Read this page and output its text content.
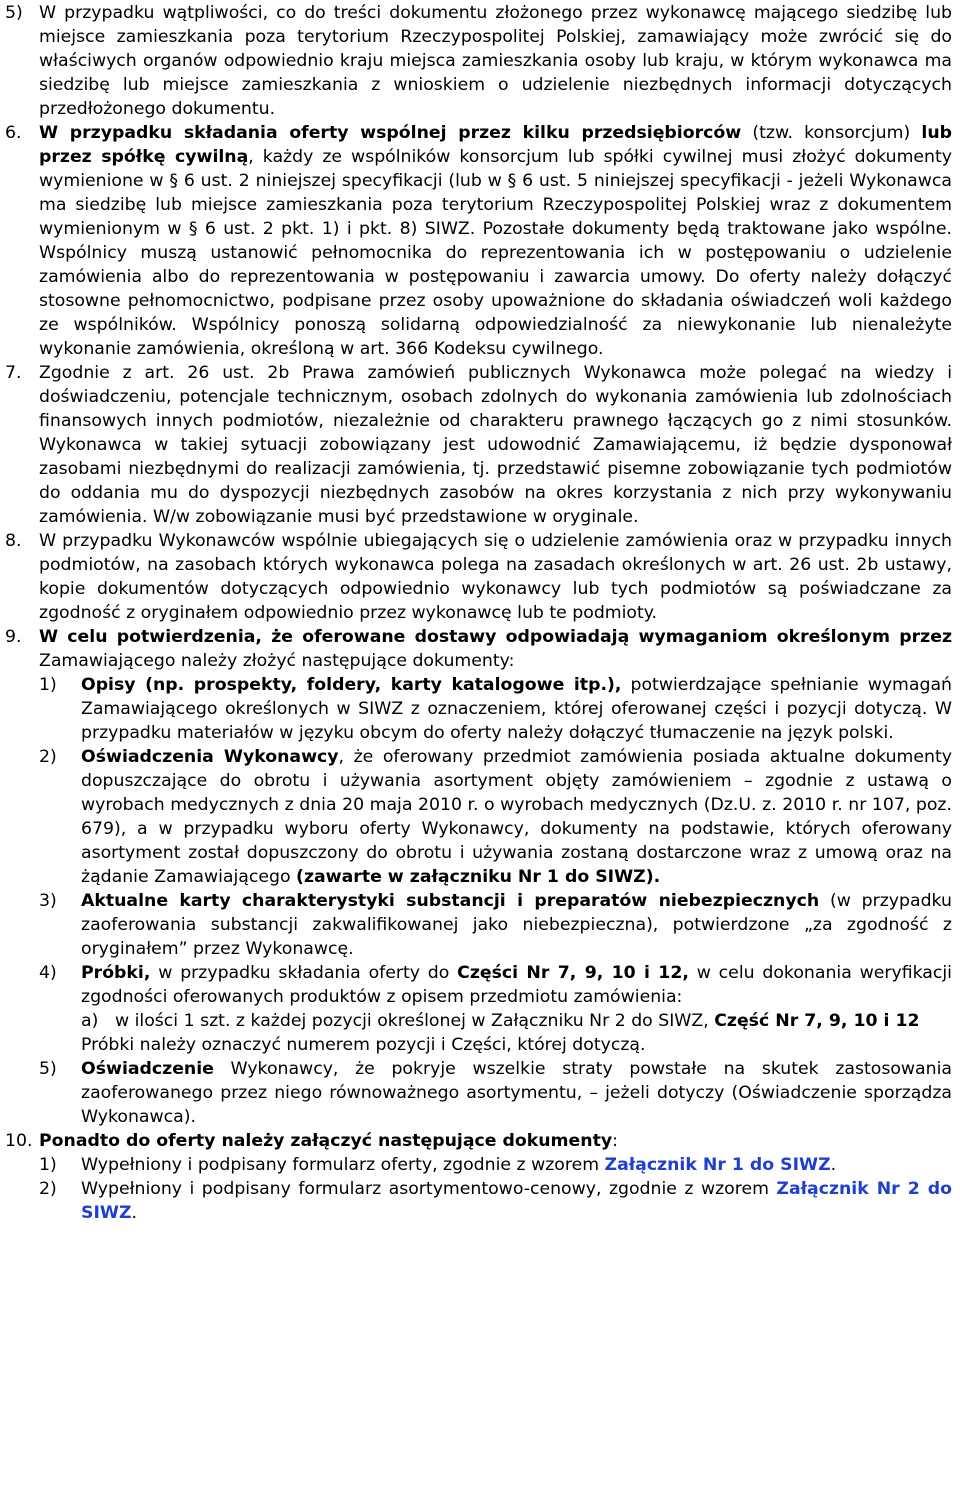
5) W przypadku wątpliwości, co do treści dokumentu złożonego przez wykonawcę mającego siedzibę lub miejsce zamieszkania poza terytorium Rzeczypospolitej Polskiej, zamawiający może zwrócić się do właściwych organów odpowiednio kraju miejsca zamieszkania osoby lub kraju, w którym wykonawca ma siedzibę lub miejsce zamieszkania z wnioskiem o udzielenie niezbędnych informacji dotyczących przedłożonego dokumentu.
6.	W przypadku składania oferty wspólnej przez kilku przedsiębiorców (tzw. konsorcjum) lub przez spółkę cywilną, każdy ze wspólników konsorcjum lub spółki cywilnej musi złożyć dokumenty wymienione w § 6 ust. 2 niniejszej specyfikacji (lub w § 6 ust. 5 niniejszej specyfikacji - jeżeli Wykonawca ma siedzibę lub miejsce zamieszkania poza terytorium Rzeczypospolitej Polskiej wraz z dokumentem wymienionym w § 6 ust. 2 pkt. 1) i pkt. 8) SIWZ. Pozostałe dokumenty będą traktowane jako wspólne. Wspólnicy muszą ustanowić pełnomocnika do reprezentowania ich w postępowaniu o udzielenie zamówienia albo do reprezentowania w postępowaniu i zawarcia umowy. Do oferty należy dołączyć stosowne pełnomocnictwo, podpisane przez osoby upoważnione do składania oświadczeń woli każdego ze wspólników. Wspólnicy ponoszą solidarną odpowiedzialność za niewykonanie lub nienależyte wykonanie zamówienia, określoną w art. 366 Kodeksu cywilnego.
7.	Zgodnie z art. 26 ust. 2b Prawa zamówień publicznych Wykonawca może polegać na wiedzy i doświadczeniu, potencjale technicznym, osobach zdolnych do wykonania zamówienia lub zdolnościach finansowych innych podmiotów, niezależnie od charakteru prawnego łączących go z nimi stosunków. Wykonawca w takiej sytuacji zobowiązany jest udowodnić Zamawiającemu, iż będzie dysponował zasobami niezbędnymi do realizacji zamówienia, tj. przedstawić pisemne zobowiązanie tych podmiotów do oddania mu do dyspozycji niezbędnych zasobów na okres korzystania z nich przy wykonywaniu zamówienia. W/w zobowiązanie musi być przedstawione w oryginale.
8.	W przypadku Wykonawców wspólnie ubiegających się o udzielenie zamówienia oraz w przypadku innych podmiotów, na zasobach których wykonawca polega na zasadach określonych w art. 26 ust. 2b ustawy, kopie dokumentów dotyczących odpowiednio wykonawcy lub tych podmiotów są poświadczane za zgodność z oryginałem odpowiednio przez wykonawcę lub te podmioty.
9.	W celu potwierdzenia, że oferowane dostawy odpowiadają wymaganiom określonym przez Zamawiającego należy złożyć następujące dokumenty:
1)	Opisy (np. prospekty, foldery, karty katalogowe itp.), potwierdzające spełnianie wymagań Zamawiającego określonych w SIWZ z oznaczeniem, której oferowanej części i pozycji dotyczą. W przypadku materiałów w języku obcym do oferty należy dołączyć tłumaczenie na język polski.
2)	Oświadczenia Wykonawcy, że oferowany przedmiot zamówienia posiada aktualne dokumenty dopuszczające do obrotu i używania asortyment objęty zamówieniem – zgodnie z ustawą o wyrobach medycznych z dnia 20 maja 2010 r. o wyrobach medycznych (Dz.U. z. 2010 r. nr 107, poz. 679), a w przypadku wyboru oferty Wykonawcy, dokumenty na podstawie, których oferowany asortyment został dopuszczony do obrotu i używania zostaną dostarczone wraz z umową oraz na żądanie Zamawiającego (zawarte w załączniku Nr 1 do SIWZ).
3)	Aktualne karty charakterystyki substancji i preparatów niebezpiecznych (w przypadku zaoferowania substancji zakwalifikowanej jako niebezpieczna), potwierdzone „za zgodność z oryginałem” przez Wykonawcę.
4)	Próbki, w przypadku składania oferty do Części Nr 7, 9, 10 i 12, w celu dokonania weryfikacji zgodności oferowanych produktów z opisem przedmiotu zamówienia:
a) w ilości 1 szt. z każdej pozycji określonej w Załączniku Nr 2 do SIWZ, Część Nr 7, 9, 10 i 12
Próbki należy oznaczyć numerem pozycji i Części, której dotyczą.
5)	Oświadczenie Wykonawcy, że pokryje wszelkie straty powstałe na skutek zastosowania zaoferowanego przez niego równoważnego asortymentu, – jeżeli dotyczy (Oświadczenie sporządza Wykonawca).
10. Ponadto do oferty należy załączyć następujące dokumenty:
1)	Wypełniony i podpisany formularz oferty, zgodnie z wzorem Załącznik Nr 1 do SIWZ.
2)	Wypełniony i podpisany formularz asortymentowo-cenowy, zgodnie z wzorem Załącznik Nr 2 do SIWZ.
